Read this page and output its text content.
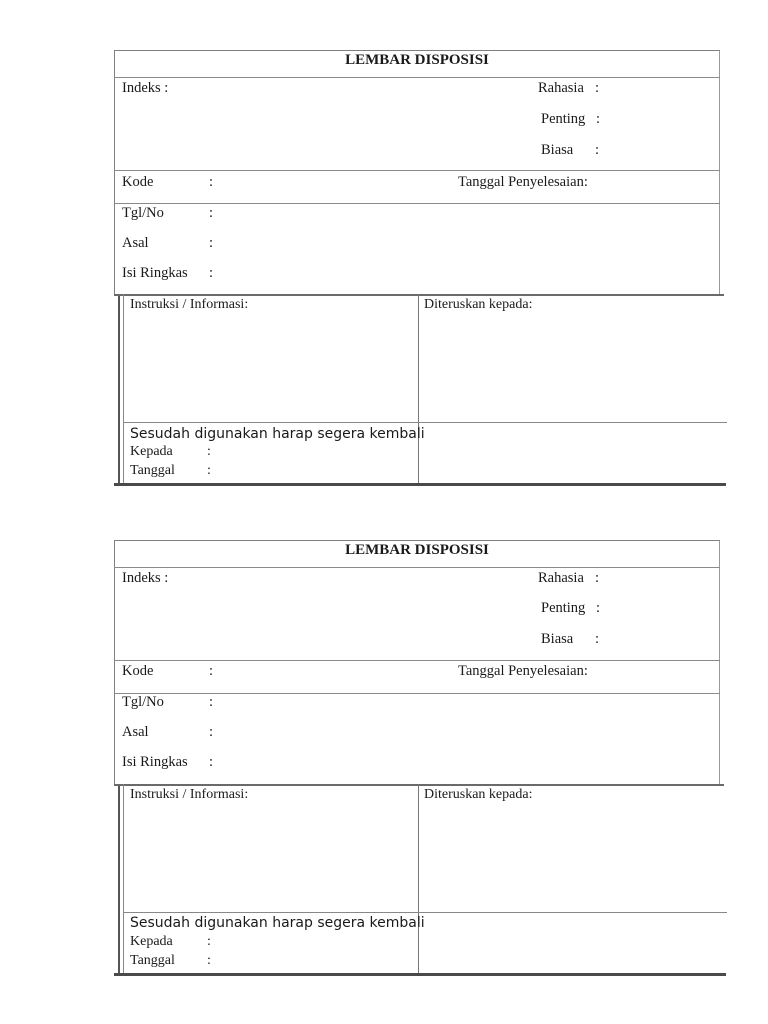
LEMBAR DISPOSISI
Indeks :	Rahasia :
Penting :
Biasa :
Kode	:	Tanggal Penyelesaian:
Tgl/No	:
Asal	:
Isi Ringkas :
Instruksi / Informasi:	Diteruskan kepada:
Sesudah digunakan harap segera kembali
Kepada :
Tanggal :
LEMBAR DISPOSISI
Indeks :	Rahasia :
Penting :
Biasa :
Kode	:	Tanggal Penyelesaian:
Tgl/No	:
Asal	:
Isi Ringkas :
Instruksi / Informasi:	Diteruskan kepada:
Sesudah digunakan harap segera kembali
Kepada :
Tanggal :
